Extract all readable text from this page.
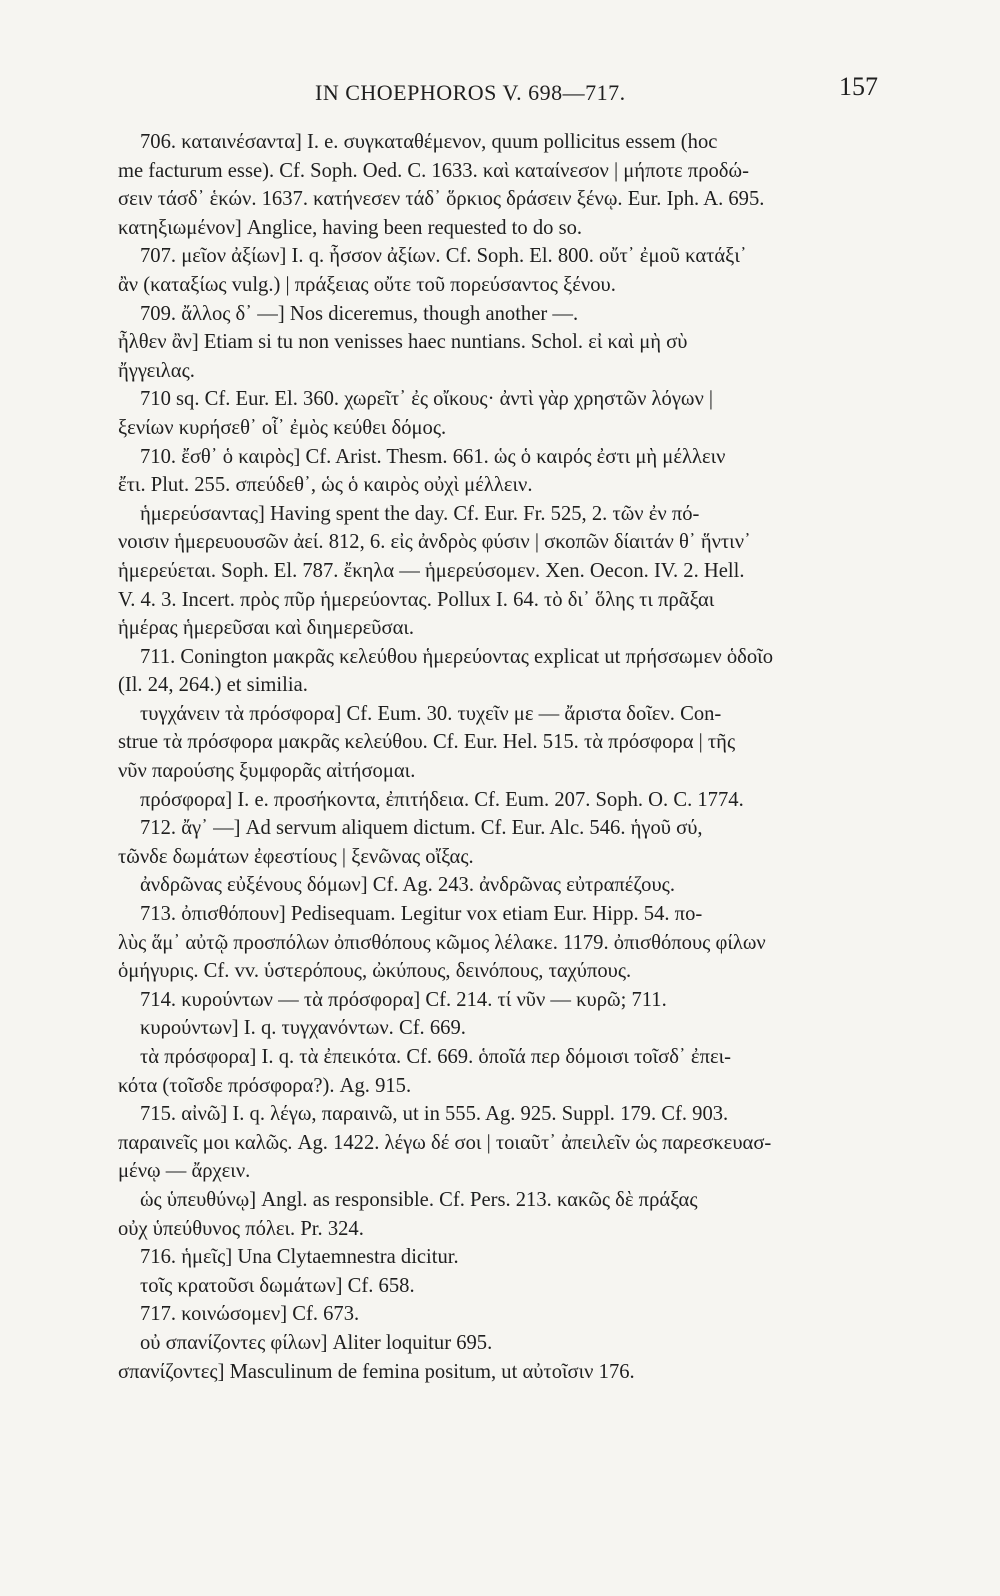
IN CHOEPHOROS V. 698—717.	157
706. καταινέσαντα] I. e. συγκαταθέμενον, quum pollicitus essem (hoc
me facturum esse). Cf. Soph. Oed. C. 1633. καὶ καταίνεσον | μήποτε προδώ-
σειν τάσδ᾽ ἑκών. 1637. κατήνεσεν τάδ᾽ ὅρκιος δράσειν ξένῳ. Eur. Iph. A. 695.
κατηξιωμένον] Anglice, having been requested to do so.
707. μεῖον ἀξίων] I. q. ἧσσον ἀξίων. Cf. Soph. El. 800. οὔτ᾽ ἐμοῦ κατάξι᾽
ἂν (καταξίως vulg.) | πράξειας οὔτε τοῦ πορεύσαντος ξένου.
709. ἄλλος δ᾽ —] Nos diceremus, though another —.
ἦλθεν ἂν] Etiam si tu non venisses haec nuntians. Schol. εἰ καὶ μὴ σὺ
ἤγγειλας.
710 sq. Cf. Eur. El. 360. χωρεῖτ᾽ ἐς οἴκους· ἀντὶ γὰρ χρηστῶν λόγων |
ξενίων κυρήσεθ᾽ οἷ᾽ ἐμὸς κεύθει δόμος.
710. ἔσθ᾽ ὁ καιρὸς] Cf. Arist. Thesm. 661. ὡς ὁ καιρός ἐστι μὴ μέλλειν
ἔτι. Plut. 255. σπεύδεθ᾽, ὡς ὁ καιρὸς οὐχὶ μέλλειν.
ἡμερεύσαντας] Having spent the day. Cf. Eur. Fr. 525, 2. τῶν ἐν πό-
νοισιν ἡμερευουσῶν ἀεί. 812, 6. εἰς ἀνδρὸς φύσιν | σκοπῶν δίαιτάν θ᾽ ἥντιν᾽
ἡμερεύεται. Soph. El. 787. ἔκηλα — ἡμερεύσομεν. Xen. Oecon. IV. 2. Hell.
V. 4. 3. Incert. πρὸς πῦρ ἡμερεύοντας. Pollux I. 64. τὸ δι᾽ ὅλης τι πρᾶξαι
ἡμέρας ἡμερεῦσαι καὶ διημερεῦσαι.
711. Conington μακρᾶς κελεύθου ἡμερεύοντας explicat ut πρήσσωμεν ὁδοῖο
(Il. 24, 264.) et similia.
τυγχάνειν τὰ πρόσφορα] Cf. Eum. 30. τυχεῖν με — ἄριστα δοῖεν. Con-
strue τὰ πρόσφορα μακρᾶς κελεύθου. Cf. Eur. Hel. 515. τὰ πρόσφορα | τῆς
νῦν παρούσης ξυμφορᾶς αἰτήσομαι.
πρόσφορα] I. e. προσήκοντα, ἐπιτήδεια. Cf. Eum. 207. Soph. O. C. 1774.
712. ἄγ᾽ —] Ad servum aliquem dictum. Cf. Eur. Alc. 546. ἡγοῦ σύ,
τῶνδε δωμάτων ἐφεστίους | ξενῶνας οἴξας.
ἀνδρῶνας εὐξένους δόμων] Cf. Ag. 243. ἀνδρῶνας εὐτραπέζους.
713. ὀπισθόπουν] Pedisequam. Legitur vox etiam Eur. Hipp. 54. πο-
λὺς ἅμ᾽ αὐτῷ προσπόλων ὀπισθόπους κῶμος λέλακε. 1179. ὀπισθόπους φίλων
ὁμήγυρις. Cf. vv. ὑστερόπους, ὠκύπους, δεινόπους, ταχύπους.
714. κυρούντων — τὰ πρόσφορα] Cf. 214. τί νῦν — κυρῶ; 711.
κυρούντων] I. q. τυγχανόντων. Cf. 669.
τὰ πρόσφορα] I. q. τὰ ἐπεικότα. Cf. 669. ὁποῖά περ δόμοισι τοῖσδ᾽ ἐπει-
κότα (τοῖσδε πρόσφορα?). Ag. 915.
715. αἰνῶ] I. q. λέγω, παραινῶ, ut in 555. Ag. 925. Suppl. 179. Cf. 903.
παραινεῖς μοι καλῶς. Ag. 1422. λέγω δέ σοι | τοιαῦτ᾽ ἀπειλεῖν ὡς παρεσκευασ-
μένῳ — ἄρχειν.
ὡς ὑπευθύνῳ] Angl. as responsible. Cf. Pers. 213. κακῶς δὲ πράξας
οὐχ ὑπεύθυνος πόλει. Pr. 324.
716. ἡμεῖς] Una Clytaemnestra dicitur.
τοῖς κρατοῦσι δωμάτων] Cf. 658.
717. κοινώσομεν] Cf. 673.
οὐ σπανίζοντες φίλων] Aliter loquitur 695.
σπανίζοντες] Masculinum de femina positum, ut αὐτοῖσιν 176.
